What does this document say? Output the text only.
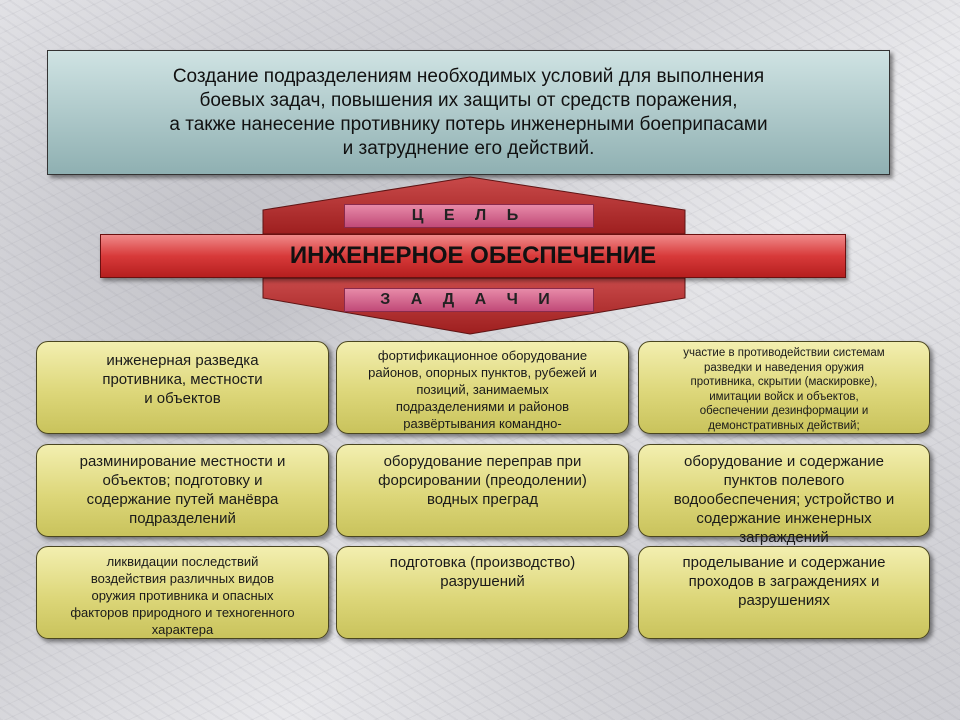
Создание подразделениям необходимых условий для выполнения
боевых задач, повышения их защиты от средств поражения,
а также нанесение противнику потерь инженерными боеприпасами
и затруднение его действий.

Ц Е Л Ь
ИНЖЕНЕРНОЕ ОБЕСПЕЧЕНИЕ
З А Д А Ч И
инженерная разведка
противника, местности
и объектов
фортификационное оборудование
районов, опорных пунктов, рубежей и
позиций, занимаемых
подразделениями и районов
развёртывания командно-
участие в противодействии системам
разведки и наведения оружия
противника, скрытии (маскировке),
имитации войск и объектов,
обеспечении дезинформации и
демонстративных действий;
разминирование местности и
объектов; подготовку и
содержание путей манёвра
подразделений
оборудование переправ при
форсировании (преодолении)
водных преград
оборудование и содержание
пунктов полевого
водообеспечения; устройство и
содержание инженерных
заграждений
ликвидации последствий
воздействия различных видов
оружия противника и опасных
факторов природного и техногенного
характера
подготовка (производство)
разрушений
проделывание и содержание
проходов в заграждениях и
разрушениях
